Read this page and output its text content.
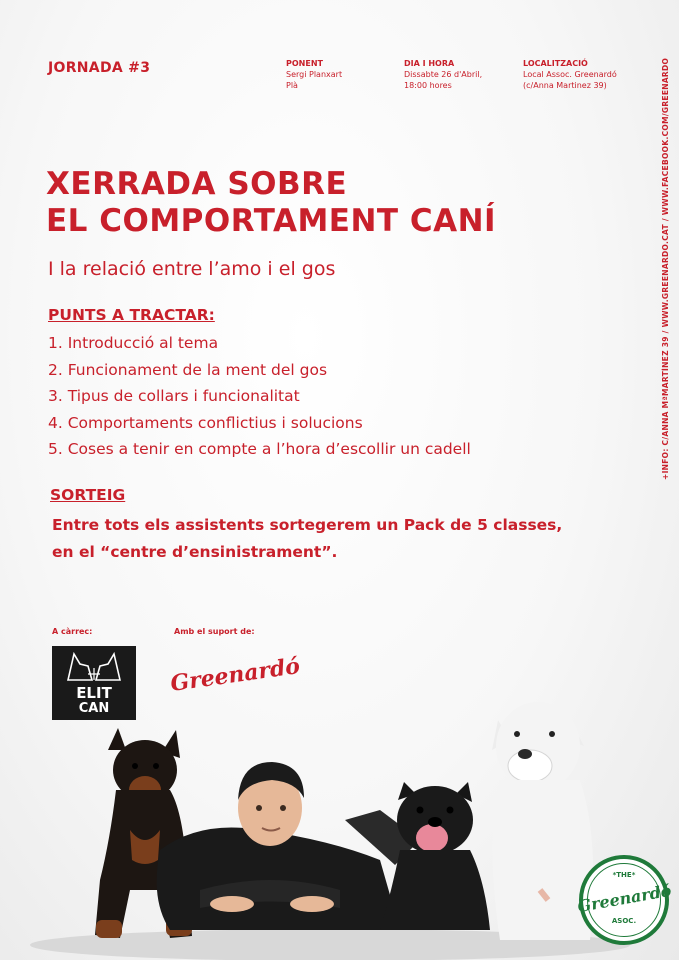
JORNADA #3	PONENT
Sergi Planxart
Plà
DIA I HORA
Dissabte 26 d'Abril,
18:00 hores
LOCALITZACIÓ
Local Assoc. Greenardó
(c/Anna Martinez 39)	+INFO: C/ANNA MªMARTÍNEZ 39 / WWW.GREENARDO.CAT / WWW.FACEBOOK.COM/GREENARDO
XERRADA SOBRE
EL COMPORTAMENT CANÍ
I la relació entre l’amo i el gos
PUNTS A TRACTAR:
1. Introducció al tema
2. Funcionament de la ment del gos
3. Tipus de collars i funcionalitat
4. Comportaments conflictius i solucions
5. Coses a tenir en compte a l’hora d’escollir un cadell
SORTEIG
Entre tots els assistents sortegerem un Pack de 5 classes,
en el “centre d’ensinistrament”.
A càrrec:	Amb el suport de:
ELIT
CAN
Greenardó
*THE*
Greenardó
ASOC.
